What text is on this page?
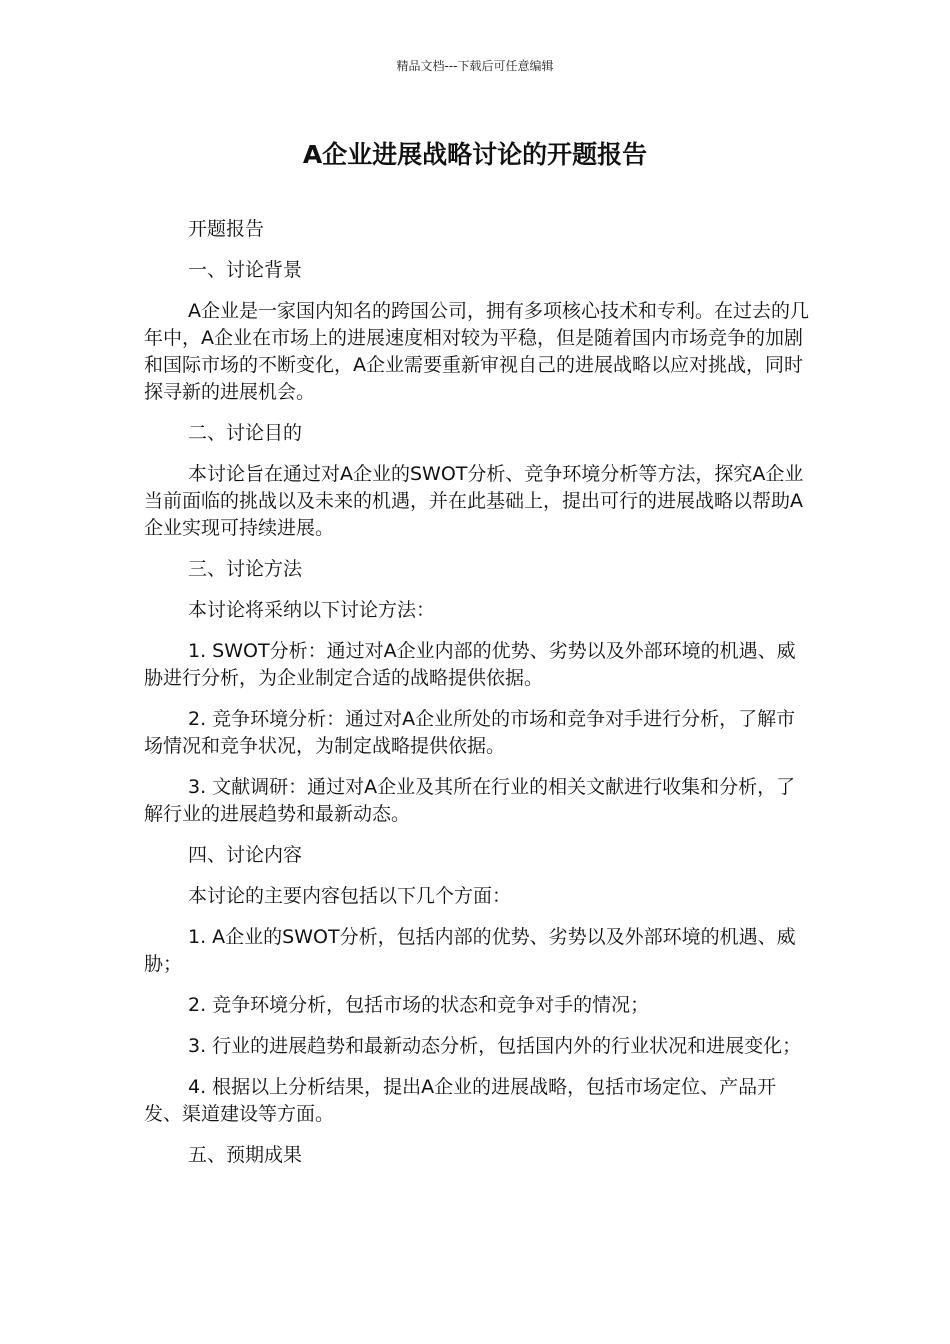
精品文档---下载后可任意编辑
A企业进展战略讨论的开题报告

开题报告

一、讨论背景

A企业是一家国内知名的跨国公司，拥有多项核心技术和专利。在过去的几年中，A企业在市场上的进展速度相对较为平稳，但是随着国内市场竞争的加剧和国际市场的不断变化，A企业需要重新审视自己的进展战略以应对挑战，同时探寻新的进展机会。

二、讨论目的

本讨论旨在通过对A企业的SWOT分析、竞争环境分析等方法，探究A企业当前面临的挑战以及未来的机遇，并在此基础上，提出可行的进展战略以帮助A企业实现可持续进展。

三、讨论方法

本讨论将采纳以下讨论方法：

1. SWOT分析：通过对A企业内部的优势、劣势以及外部环境的机遇、威胁进行分析，为企业制定合适的战略提供依据。

2. 竞争环境分析：通过对A企业所处的市场和竞争对手进行分析，了解市场情况和竞争状况，为制定战略提供依据。

3. 文献调研：通过对A企业及其所在行业的相关文献进行收集和分析，了解行业的进展趋势和最新动态。

四、讨论内容

本讨论的主要内容包括以下几个方面：

1. A企业的SWOT分析，包括内部的优势、劣势以及外部环境的机遇、威胁；

2. 竞争环境分析，包括市场的状态和竞争对手的情况；

3. 行业的进展趋势和最新动态分析，包括国内外的行业状况和进展变化；

4. 根据以上分析结果，提出A企业的进展战略，包括市场定位、产品开发、渠道建设等方面。

五、预期成果
